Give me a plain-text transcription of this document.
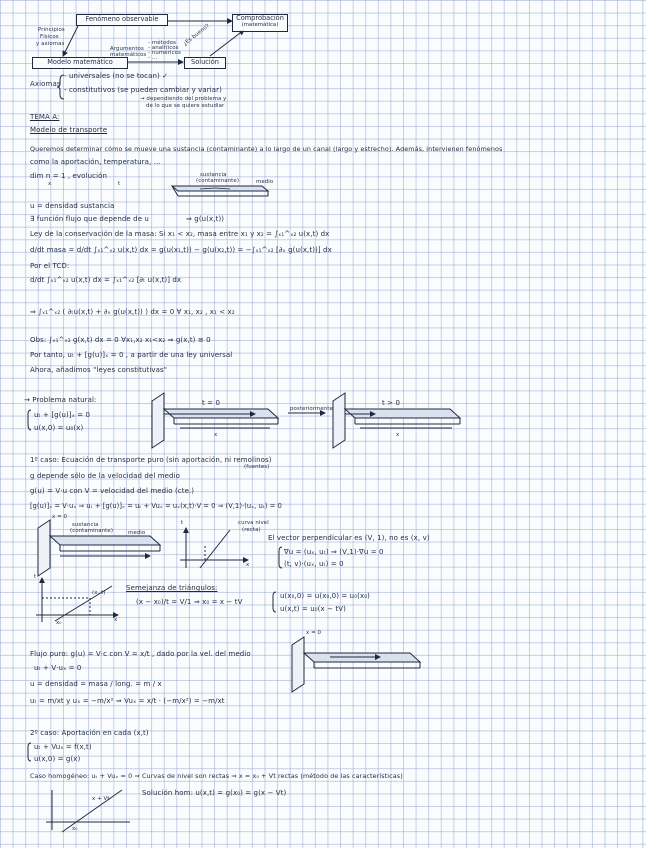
Fenómeno observable	Comprobación
(matemática)
Modelo matemático	Solución
Principios
Físicos
y axiomas	¿Es bueno?
Argumentos
matemáticos
- métodos
- analíticos
- numéricos
- ...
Axiomas
- universales (no se tocan) ✓
- constitutivos (se pueden cambiar y variar)
→ dependiendo del problema y
de lo que se quiere estudiar
TEMA A:
Modelo de transporte
Queremos determinar cómo se mueve una sustancia (contaminante) a lo largo de un canal (largo y estrecho). Además, intervienen fenómenos
como la aportación, temperatura, ...
dim n = 1 , evolución
x	t
sustancia
(contaminante)	medio
u = densidad sustancia
∃ función flujo que depende de u	⇒ g(u(x,t))
Ley de la conservación de la masa: Si x₁ < x₂, masa entre x₁ y x₂ = ∫ₓ₁^ₓ₂ u(x,t) dx
d/dt masa = d/dt ∫ₓ₁^ₓ₂ u(x,t) dx = g(u(x₁,t)) − g(u(x₂,t)) = −∫ₓ₁^ₓ₂ [∂ₓ g(u(x,t))] dx
Por el TCD:
d/dt ∫ₓ₁^ₓ₂ u(x,t) dx = ∫ₓ₁^ₓ₂ [∂ₜ u(x,t)] dx
⇒ ∫ₓ₁^ₓ₂ ( ∂ₜu(x,t) + ∂ₓ g(u(x,t)) ) dx = 0 ∀ x₁, x₂ , x₁ < x₂
Obs: ∫ₓ₁^ₓ₂ g(x,t) dx = 0 ∀x₁,x₂ x₁<x₂ ⇒ g(x,t) ≡ 0
Por tanto, uₜ + [g(u)]ₓ = 0 , a partir de una ley universal
Ahora, añadimos "leyes constitutivas"
→ Problema natural:
uₜ + [g(u)]ₓ = 0
u(x,0) = u₀(x)
t = 0
posteriormente
t > 0
x	x
1º caso: Ecuación de transporte puro (sin aportación, ni remolinos)
(fuentes)
g depende sólo de la velocidad del medio
g(u) = V·u con V = velocidad del medio (cte.)
[g(u)]ₓ = V·uₓ ⇒ uₜ + [g(u)]ₓ = uₜ + Vuₓ = uₓ(x,t)·V = 0 ⇒ (V,1)·(uₓ, uₜ) = 0
x = 0
sustancia
(contaminante)	medio
t
x
curva nivel
(recta)
El vector perpendicular es (V, 1), no es (x, v)
∇u = (uₓ, uₜ) ⇒ (V,1)·∇u = 0
(t, v)·(uₓ, uₜ) = 0
t
x
(x, t)
x₀
Semejanza de triángulos:
(x − x₀)/t = V/1 ⇒ x₀ = x − tV
u(x₀,0) = u(x₀,0) = u₀(x₀)
u(x,t) = u₀(x − tV)
Flujo puro: g(u) = V·c con V = x/t , dado por la vel. del medio
uₜ + V·uₓ = 0
u = densidad = masa / long. = m / x
uₜ = m/xt y uₓ = −m/x² ⇒ Vuₓ = x/t · (−m/x²) = −m/xt
x = 0
2º caso: Aportación en cada (x,t)
uₜ + Vuₓ = f(x,t)
u(x,0) = g(x)
Caso homogéneo: uₜ + Vuₓ = 0 ⇒ Curvas de nivel son rectas ⇒ x = x₀ + Vt rectas (método de las características)
Solución hom: u(x,t) = g(x₀) = g(x − Vt)
x + Vt
x₀
